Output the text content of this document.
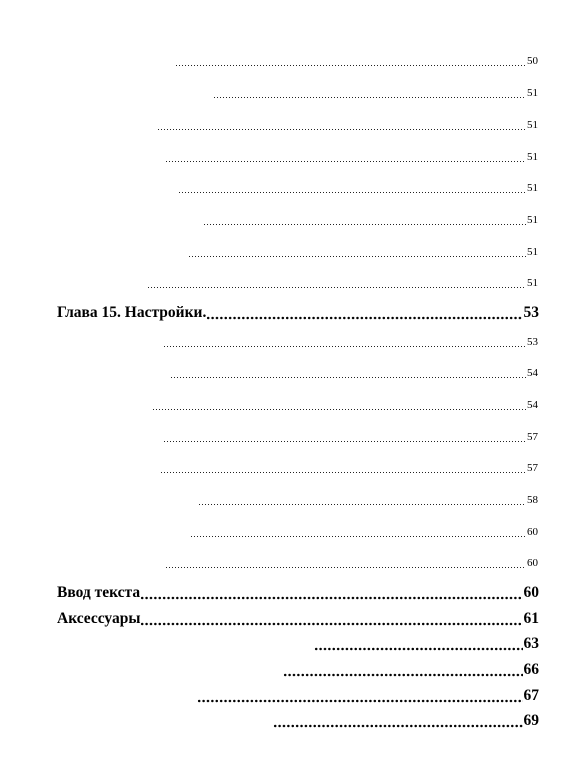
50
51
51
51
51
51
51
51
Глава 15. Настройки.	53
53
54
54
57
57
58
60
60
Ввод текста	60
Аксессуары	61
63
66
67
69
